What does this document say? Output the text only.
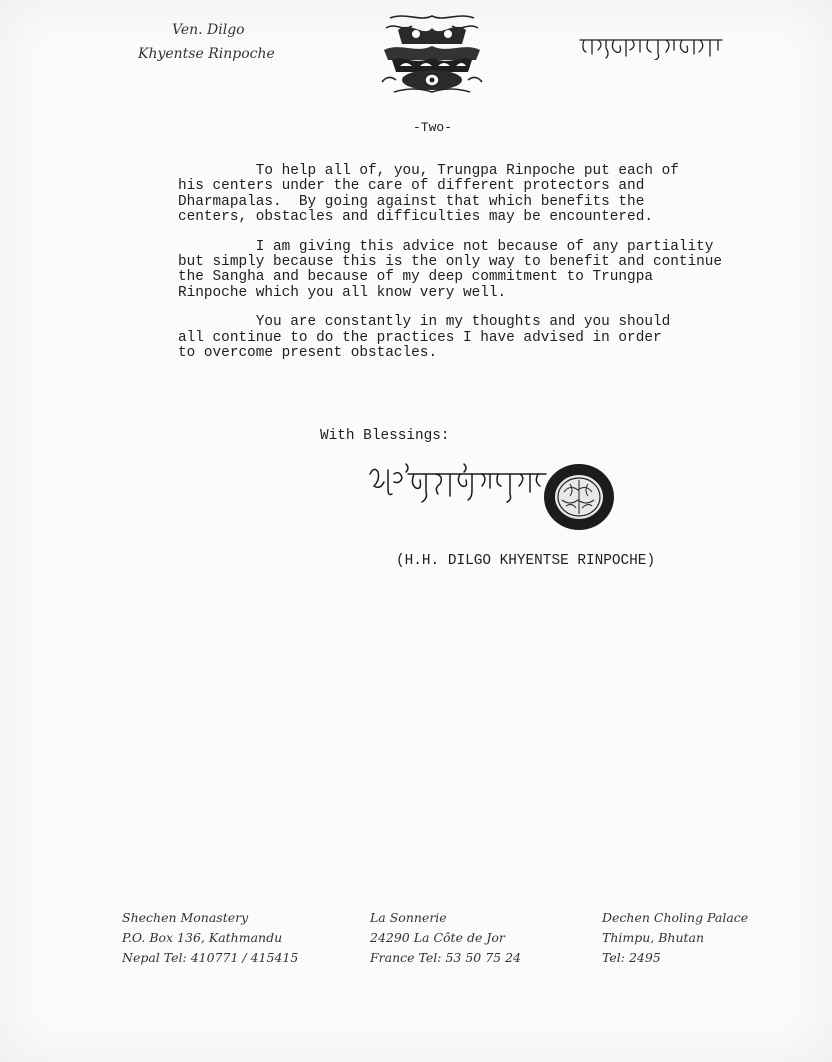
Ven. Dilgo
Khyentse Rinpoche
-Two-

To help all of, you, Trungpa Rinpoche put each of
his centers under the care of different protectors and
Dharmapalas.  By going against that which benefits the
centers, obstacles and difficulties may be encountered.

I am giving this advice not because of any partiality
but simply because this is the only way to benefit and continue
the Sangha and because of my deep commitment to Trungpa
Rinpoche which you all know very well.

You are constantly in my thoughts and you should
all continue to do the practices I have advised in order
to overcome present obstacles.

With Blessings:
(H.H. DILGO KHYENTSE RINPOCHE)
Shechen Monastery
P.O. Box 136, Kathmandu
Nepal Tel: 410771 / 415415
La Sonnerie
24290 La Côte de Jor
France Tel: 53 50 75 24
Dechen Choling Palace
Thimpu, Bhutan
Tel: 2495
